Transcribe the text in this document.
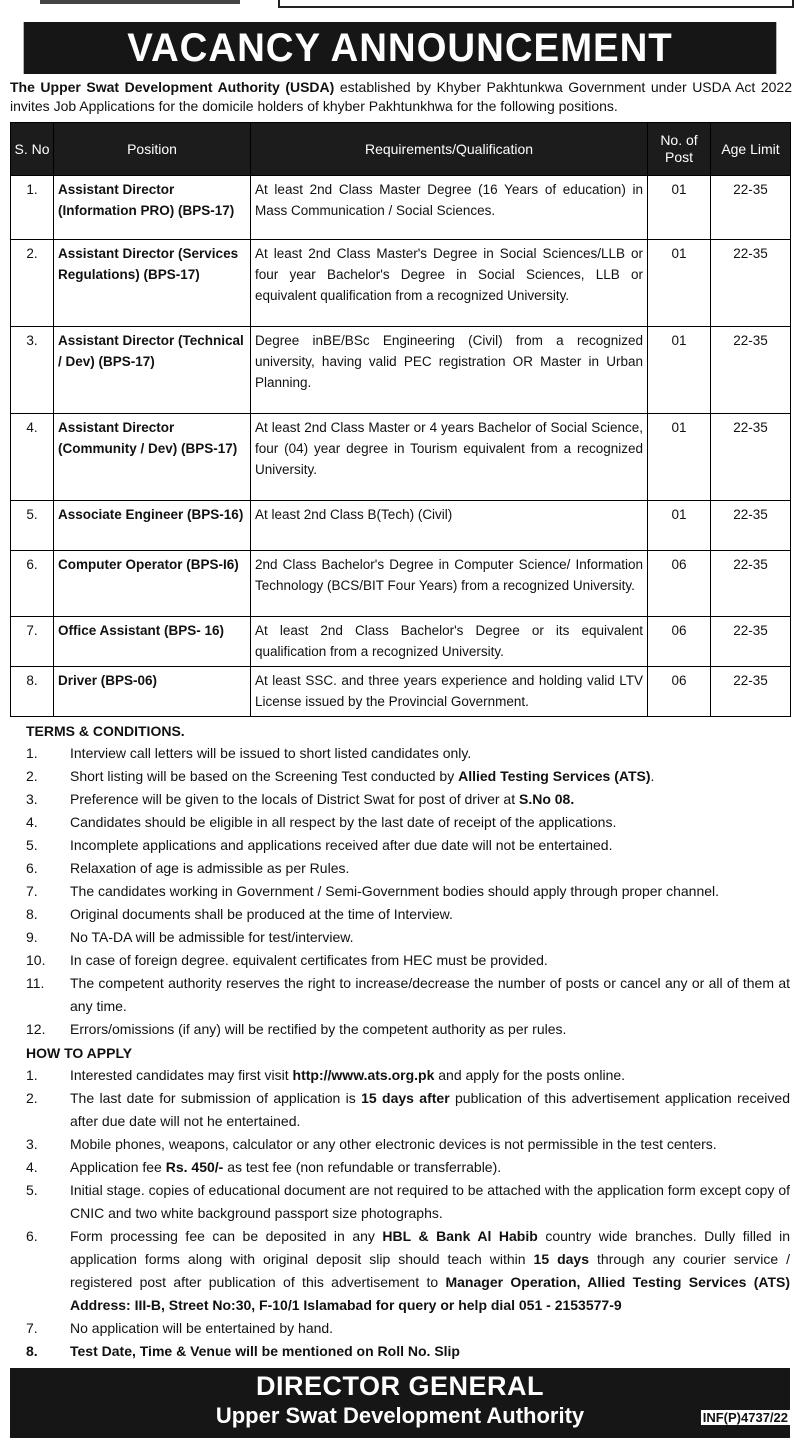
VACANCY ANNOUNCEMENT
The Upper Swat Development Authority (USDA) established by Khyber Pakhtunkwa Government under USDA Act 2022 invites Job Applications for the domicile holders of khyber Pakhtunkhwa for the following positions.
S. No	Position	Requirements/Qualification	No. of Post	Age Limit
1.	Assistant Director (Information PRO) (BPS-17)	At least 2nd Class Master Degree (16 Years of education) in Mass Communication / Social Sciences.	01	22-35
2.	Assistant Director (Services Regulations) (BPS-17)	At least 2nd Class Master's Degree in Social Sciences/LLB or four year Bachelor's Degree in Social Sciences, LLB or equivalent qualification from a recognized University.	01	22-35
3.	Assistant Director (Technical / Dev) (BPS-17)	Degree inBE/BSc Engineering (Civil) from a recognized university, having valid PEC registration OR Master in Urban Planning.	01	22-35
4.	Assistant Director (Community / Dev) (BPS-17)	At least 2nd Class Master or 4 years Bachelor of Social Science, four (04) year degree in Tourism equivalent from a recognized University.	01	22-35
5.	Associate Engineer (BPS-16)	At least 2nd Class B(Tech) (Civil)	01	22-35
6.	Computer Operator (BPS-I6)	2nd Class Bachelor's Degree in Computer Science/ Information Technology (BCS/BIT Four Years) from a recognized University.	06	22-35
7.	Office Assistant (BPS- 16)	At least 2nd Class Bachelor's Degree or its equivalent qualification from a recognized University.	06	22-35
8.	Driver (BPS-06)	At least SSC. and three years experience and holding valid LTV License issued by the Provincial Government.	06	22-35
TERMS & CONDITIONS.
1.	Interview call letters will be issued to short listed candidates only.
2.	Short listing will be based on the Screening Test conducted by Allied Testing Services (ATS).
3.	Preference will be given to the locals of District Swat for post of driver at S.No 08.
4.	Candidates should be eligible in all respect by the last date of receipt of the applications.
5.	Incomplete applications and applications received after due date will not be entertained.
6.	Relaxation of age is admissible as per Rules.
7.	The candidates working in Government / Semi-Government bodies should apply through proper channel.
8.	Original documents shall be produced at the time of Interview.
9.	No TA-DA will be admissible for test/interview.
10.	In case of foreign degree. equivalent certificates from HEC must be provided.
11.	The competent authority reserves the right to increase/decrease the number of posts or cancel any or all of them at any time.
12.	Errors/omissions (if any) will be rectified by the competent authority as per rules.
HOW TO APPLY
1.	Interested candidates may first visit http://www.ats.org.pk and apply for the posts online.
2.	The last date for submission of application is 15 days after publication of this advertisement application received after due date will not he entertained.
3.	Mobile phones, weapons, calculator or any other electronic devices is not permissible in the test centers.
4.	Application fee Rs. 450/- as test fee (non refundable or transferrable).
5.	Initial stage. copies of educational document are not required to be attached with the application form except copy of CNIC and two white background passport size photographs.
6.	Form processing fee can be deposited in any HBL & Bank Al Habib country wide branches. Dully filled in application forms along with original deposit slip should teach within 15 days through any courier service / registered post after publication of this advertisement to Manager Operation, Allied Testing Services (ATS) Address: III-B, Street No:30, F-10/1 Islamabad for query or help dial 051 - 2153577-9
7.	No application will be entertained by hand.
8.	Test Date, Time & Venue will be mentioned on Roll No. Slip
DIRECTOR GENERAL
Upper Swat Development Authority	INF(P)4737/22
